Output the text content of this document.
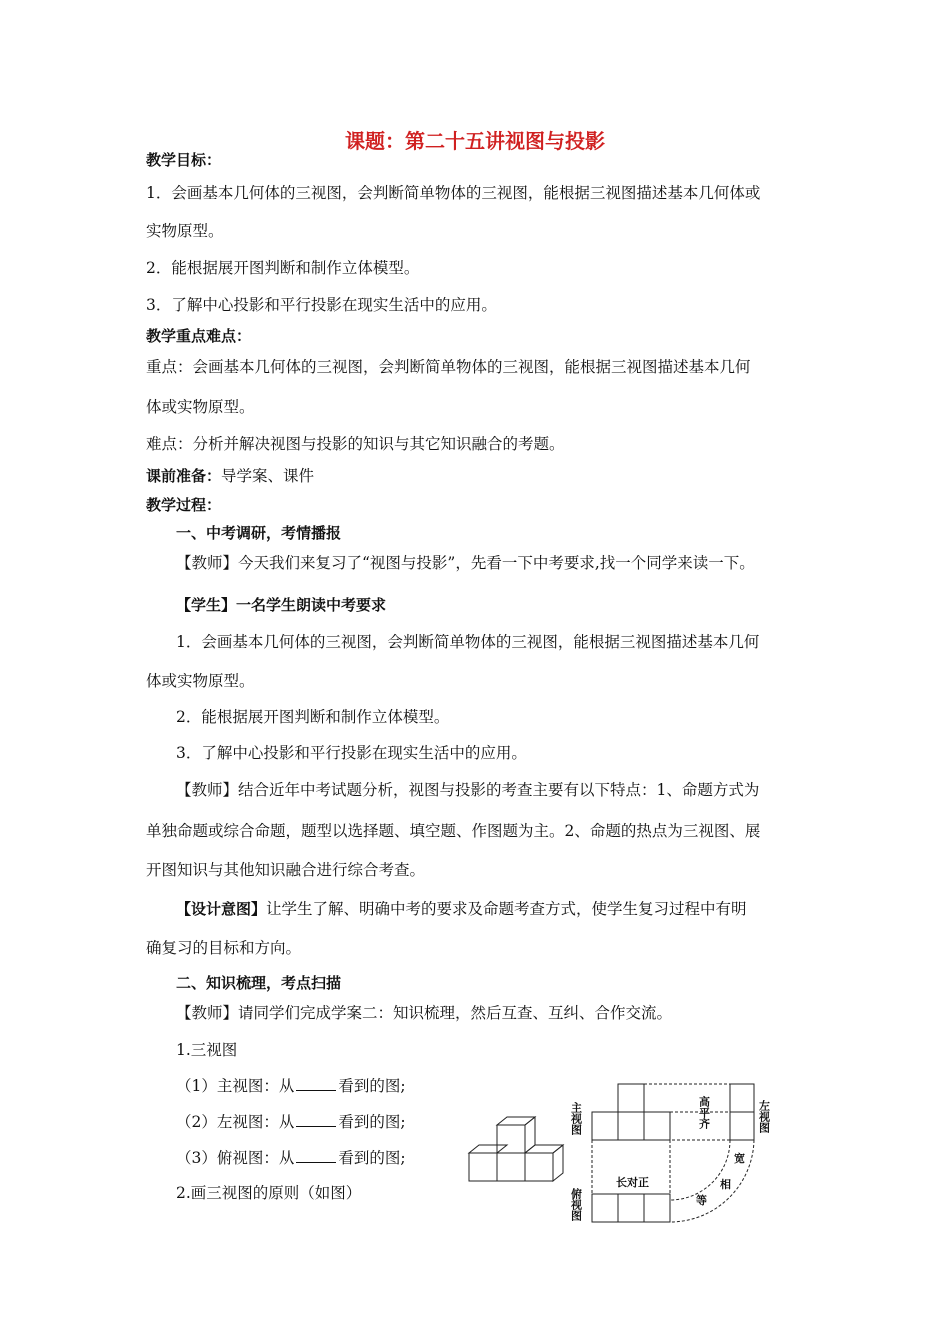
课题：第二十五讲视图与投影
教学目标：
1．会画基本几何体的三视图，会判断简单物体的三视图，能根据三视图描述基本几何体或
实物原型。
2．能根据展开图判断和制作立体模型。
3．了解中心投影和平行投影在现实生活中的应用。
教学重点难点：
重点：会画基本几何体的三视图，会判断简单物体的三视图，能根据三视图描述基本几何
体或实物原型。
难点：分析并解决视图与投影的知识与其它知识融合的考题。
课前准备：导学案、课件
教学过程：
一、中考调研，考情播报
【教师】今天我们来复习了“视图与投影”，先看一下中考要求,找一个同学来读一下。
【学生】一名学生朗读中考要求
1．会画基本几何体的三视图，会判断简单物体的三视图，能根据三视图描述基本几何
体或实物原型。
2．能根据展开图判断和制作立体模型。
3．了解中心投影和平行投影在现实生活中的应用。
【教师】结合近年中考试题分析，视图与投影的考查主要有以下特点：1、命题方式为
单独命题或综合命题，题型以选择题、填空题、作图题为主。2、命题的热点为三视图、展
开图知识与其他知识融合进行综合考查。
【设计意图】让学生了解、明确中考的要求及命题考查方式，使学生复习过程中有明
确复习的目标和方向。
二、知识梳理，考点扫描
【教师】请同学们完成学案二：知识梳理，然后互查、互纠、合作交流。
1.三视图
（1）主视图：从	看到的图;
（2）左视图：从	看到的图;
（3）俯视图：从	看到的图;
2.画三视图的原则（如图）
主视图	左视图
俯视图
高平齐
长对正
宽
相
等
